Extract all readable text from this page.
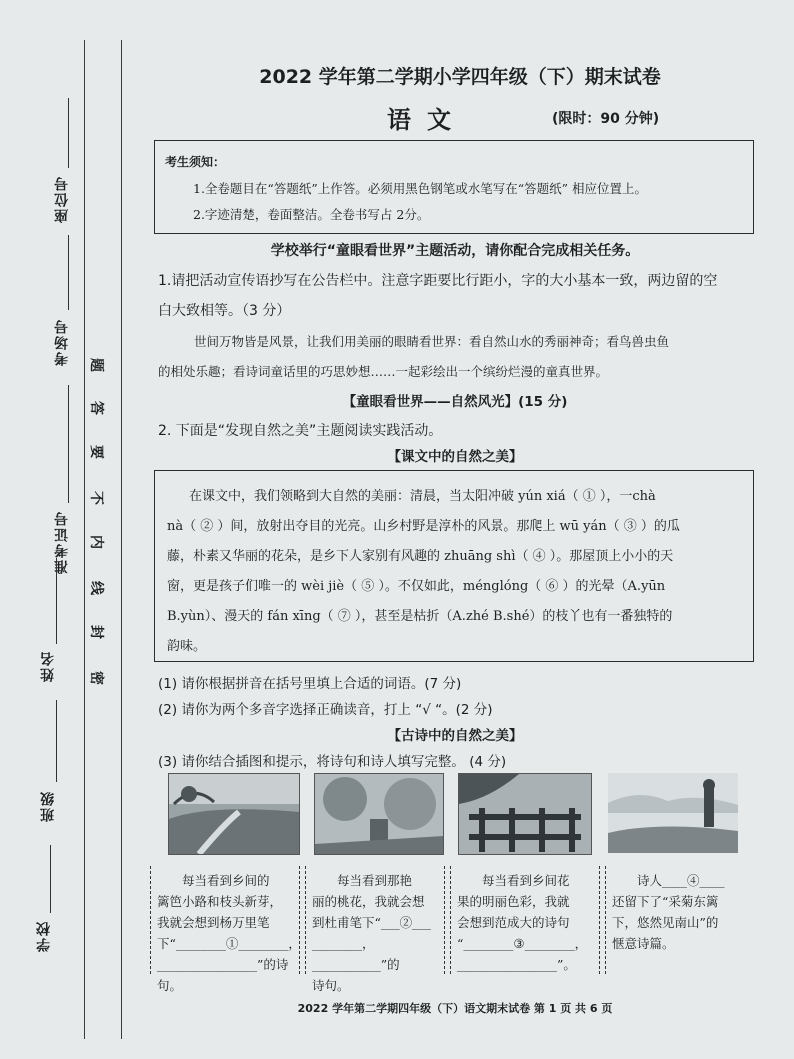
座位号
考场号
准考证号
姓名
班级
学校
题
答
要
不
内
线
封
密
2022 学年第二学期小学四年级（下）期末试卷
语文	(限时：90 分钟)
考生须知：
1.全卷题目在“答题纸”上作答。必须用黑色钢笔或水笔写在“答题纸” 相应位置上。
2.字迹清楚，卷面整洁。全卷书写占 2分。
学校举行“童眼看世界”主题活动，请你配合完成相关任务。
1.请把活动宣传语抄写在公告栏中。注意字距要比行距小，字的大小基本一致，两边留的空
白大致相等。（3 分）
世间万物皆是风景，让我们用美丽的眼睛看世界：看自然山水的秀丽神奇；看鸟兽虫鱼
的相处乐趣；看诗词童话里的巧思妙想……一起彩绘出一个缤纷烂漫的童真世界。
【童眼看世界——自然风光】(15 分)
2. 下面是“发现自然之美”主题阅读实践活动。
【课文中的自然之美】
在课文中，我们领略到大自然的美丽：清晨，当太阳冲破 yún xiá（ ① ），一chà
nà（ ② ）间，放射出夺目的光亮。山乡村野是淳朴的风景。那爬上 wū yán（ ③ ）的瓜
藤，朴素又华丽的花朵，是乡下人家别有风趣的 zhuāng shì（ ④ ）。那屋顶上小小的天
窗，更是孩子们唯一的 wèi jiè（ ⑤ ）。不仅如此，ménglóng（ ⑥ ）的光晕（A.yūn
B.yùn）、漫天的 fán xīng（ ⑦ ），甚至是枯折（A.zhé B.shé）的枝丫也有一番独特的
韵味。
(1) 请你根据拼音在括号里填上合适的词语。(7 分)
(2) 请你为两个多音字选择正确读音，打上 “√ “。(2 分)
【古诗中的自然之美】
(3) 请你结合插图和提示，将诗句和诗人填写完整。 (4 分)
每当看到乡间的
篱笆小路和枝头新芽，
我就会想到杨万里笔
下“________①________，
________________”的诗句。
每当看到那艳
丽的桃花，我就会想
到杜甫笔下“___②___
________，___________”的
诗句。
每当看到乡间花
果的明丽色彩，我就
会想到范成大的诗句
“________③________，
________________”。
诗人____④____
还留下了“采菊东篱
下，悠然见南山”的
惬意诗篇。
2022 学年第二学期四年级（下）语文期末试卷 第 1 页 共 6 页
